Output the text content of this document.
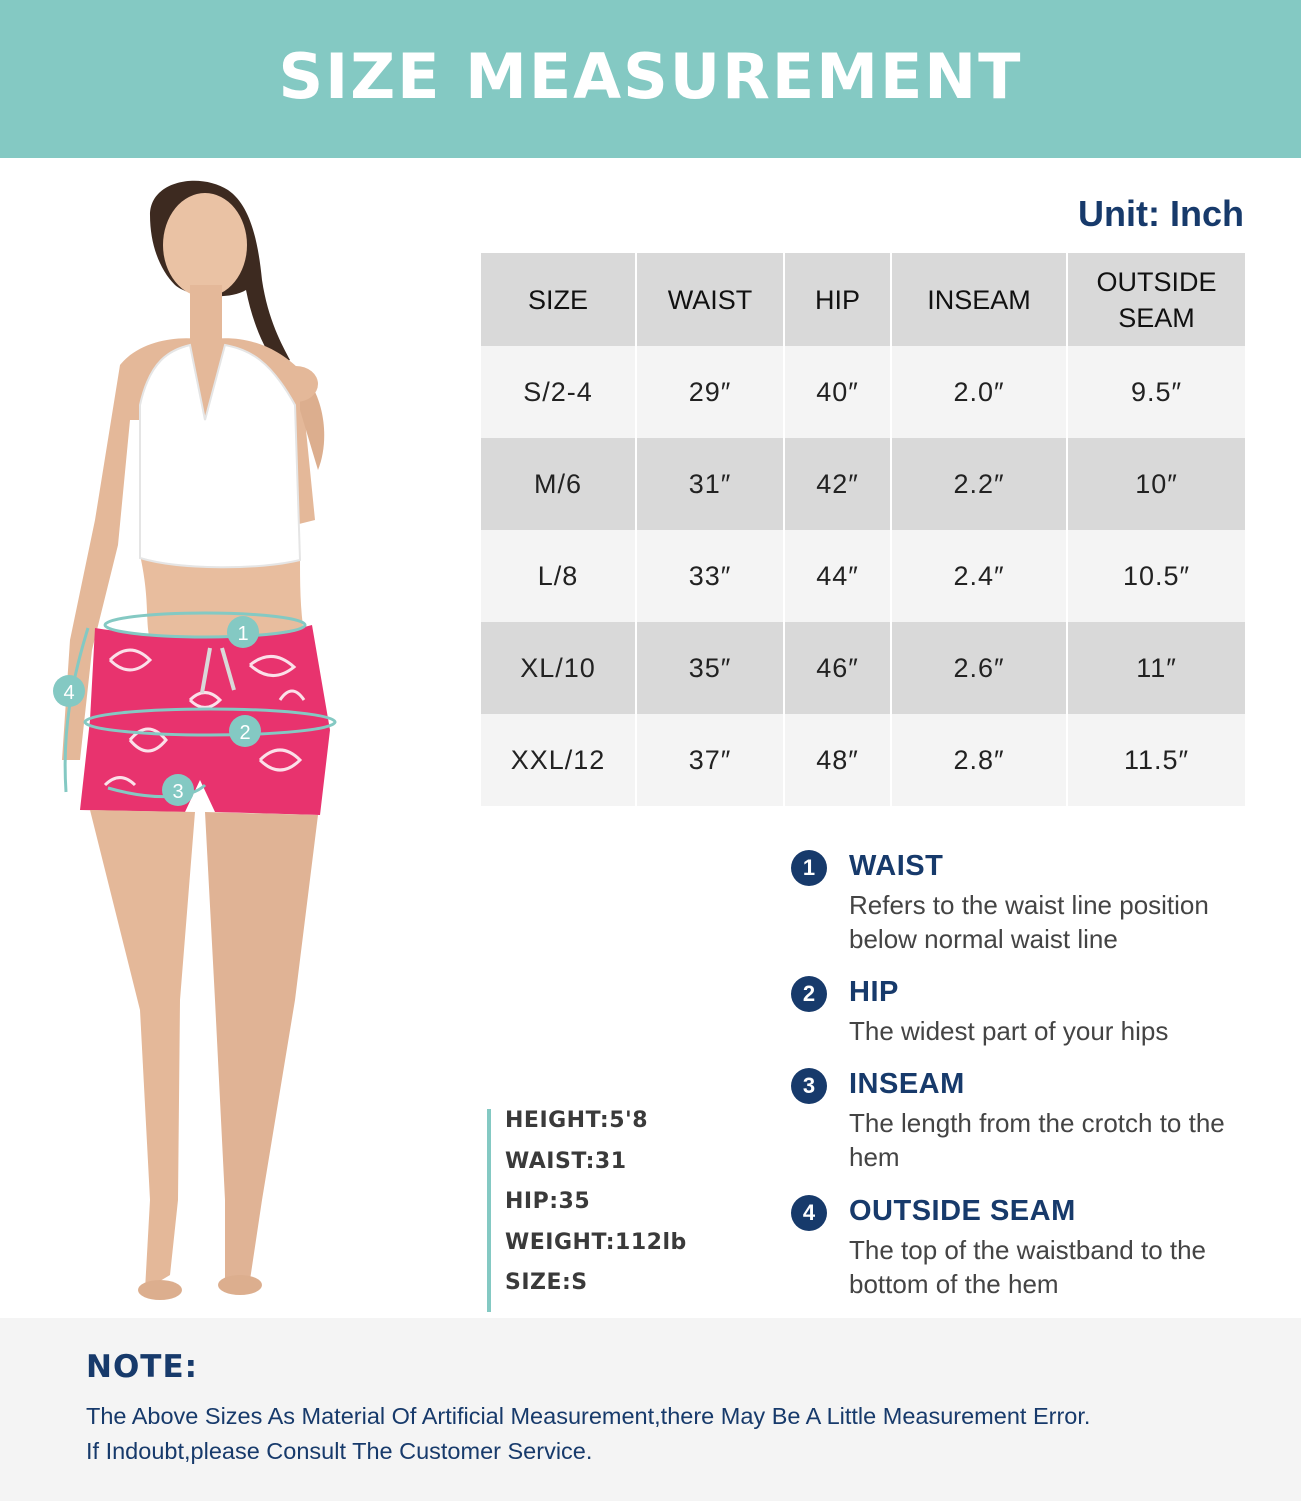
SIZE MEASUREMENT
Unit: Inch
SIZE	WAIST	HIP	INSEAM	OUTSIDE SEAM
S/2-4	29″	40″	2.0″	9.5″
M/6	31″	42″	2.2″	10″
L/8	33″	44″	2.4″	10.5″
XL/10	35″	46″	2.6″	11″
XXL/12	37″	48″	2.8″	11.5″
1
2
3
4
HEIGHT:5'8
WAIST:31
HIP:35
WEIGHT:112lb
SIZE:S
1	WAIST
Refers to the waist line position below normal waist line
2	HIP
The widest part of your hips
3	INSEAM
The length from the crotch to the hem
4	OUTSIDE SEAM
The top of the waistband to the bottom of the hem
NOTE:
The Above Sizes As Material Of Artificial Measurement,there May Be A Little Measurement Error.
If Indoubt,please Consult The Customer Service.
